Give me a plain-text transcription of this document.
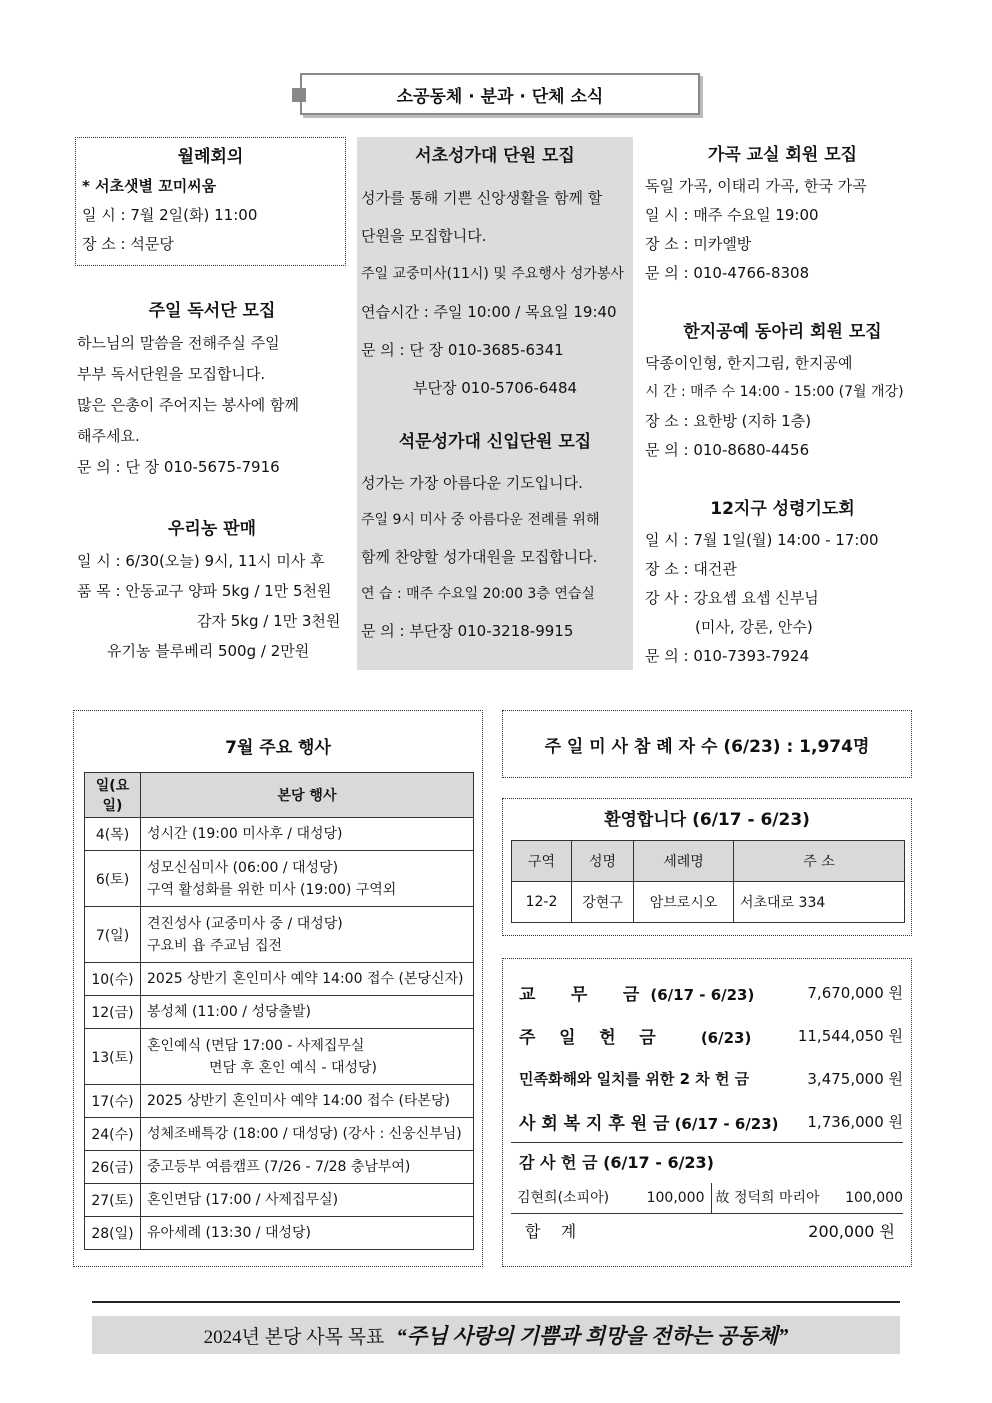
소공동체 · 분과 · 단체 소식
월례회의
* 서초샛별 꼬미씨움
일 시 : 7월 2일(화) 11:00
장 소 : 석문당
주일 독서단 모집
하느님의 말씀을 전해주실 주일
부부 독서단원을 모집합니다.
많은 은총이 주어지는 봉사에 함께
해주세요.
문 의 : 단 장 010-5675-7916
우리농 판매
일 시 : 6/30(오늘) 9시, 11시 미사 후
품 목 : 안동교구 양파 5kg / 1만 5천원
감자 5kg / 1만 3천원
유기농 블루베리 500g / 2만원
서초성가대 단원 모집
성가를 통해 기쁜 신앙생활을 함께 할
단원을 모집합니다.
주일 교중미사(11시) 및 주요행사 성가봉사
연습시간 : 주일 10:00 / 목요일 19:40
문 의 : 단 장 010-3685-6341
부단장 010-5706-6484
석문성가대 신입단원 모집
성가는 가장 아름다운 기도입니다.
주일 9시 미사 중 아름다운 전례를 위해
함께 찬양할 성가대원을 모집합니다.
연 습 : 매주 수요일 20:00 3층 연습실
문 의 : 부단장 010-3218-9915
가곡 교실 회원 모집
독일 가곡, 이태리 가곡, 한국 가곡
일 시 : 매주 수요일 19:00
장 소 : 미카엘방
문 의 : 010-4766-8308
한지공예 동아리 회원 모집
닥종이인형, 한지그림, 한지공예
시 간 : 매주 수 14:00 - 15:00 (7월 개강)
장 소 : 요한방 (지하 1층)
문 의 : 010-8680-4456
12지구 성령기도회
일 시 : 7월 1일(월) 14:00 - 17:00
장 소 : 대건관
강 사 : 강요셉 요셉 신부님
(미사, 강론, 안수)
문 의 : 010-7393-7924
7월 주요 행사
일(요일)	본당 행사
4(목)	성시간 (19:00 미사후 / 대성당)

6(토)	성모신심미사 (06:00 / 대성당)
구역 활성화를 위한 미사 (19:00) 구역외

7(일)	견진성사 (교중미사 중 / 대성당)
구요비 욥 주교님 집전

10(수)	2025 상반기 혼인미사 예약 14:00 접수 (본당신자)

12(금)	봉성체 (11:00 / 성당출발)

13(토)	혼인예식 (면담 17:00 - 사제집무실
면담 후 혼인 예식 - 대성당)

17(수)	2025 상반기 혼인미사 예약 14:00 접수 (타본당)

24(수)	성체조배특강 (18:00 / 대성당) (강사 : 신웅신부님)

26(금)	중고등부 여름캠프 (7/26 - 7/28 충남부여)

27(토)	혼인면담 (17:00 / 사제집무실)

28(일)	유아세례 (13:30 / 대성당)
주 일 미 사 참 례 자 수 (6/23) : 1,974명
환영합니다 (6/17 - 6/23)
구역	성명	세례명	주 소
12-2	강현구	암브로시오	서초대로 334
교      무      금 (6/17 - 6/23)	7,670,000 원
주    일    헌    금	(6/23)	11,544,050 원
민족화해와 일치를 위한 2 차 헌 금	3,475,000 원
사 회 복 지 후 원 금 (6/17 - 6/23) 1,736,000 원
감 사 헌 금 (6/17 - 6/23)
김현희(소피아)	100,000 故 정덕희 마리아 100,000
합    계	200,000 원
2024년 본당 사목 목표 “주님 사랑의 기쁨과 희망을 전하는 공동체”
